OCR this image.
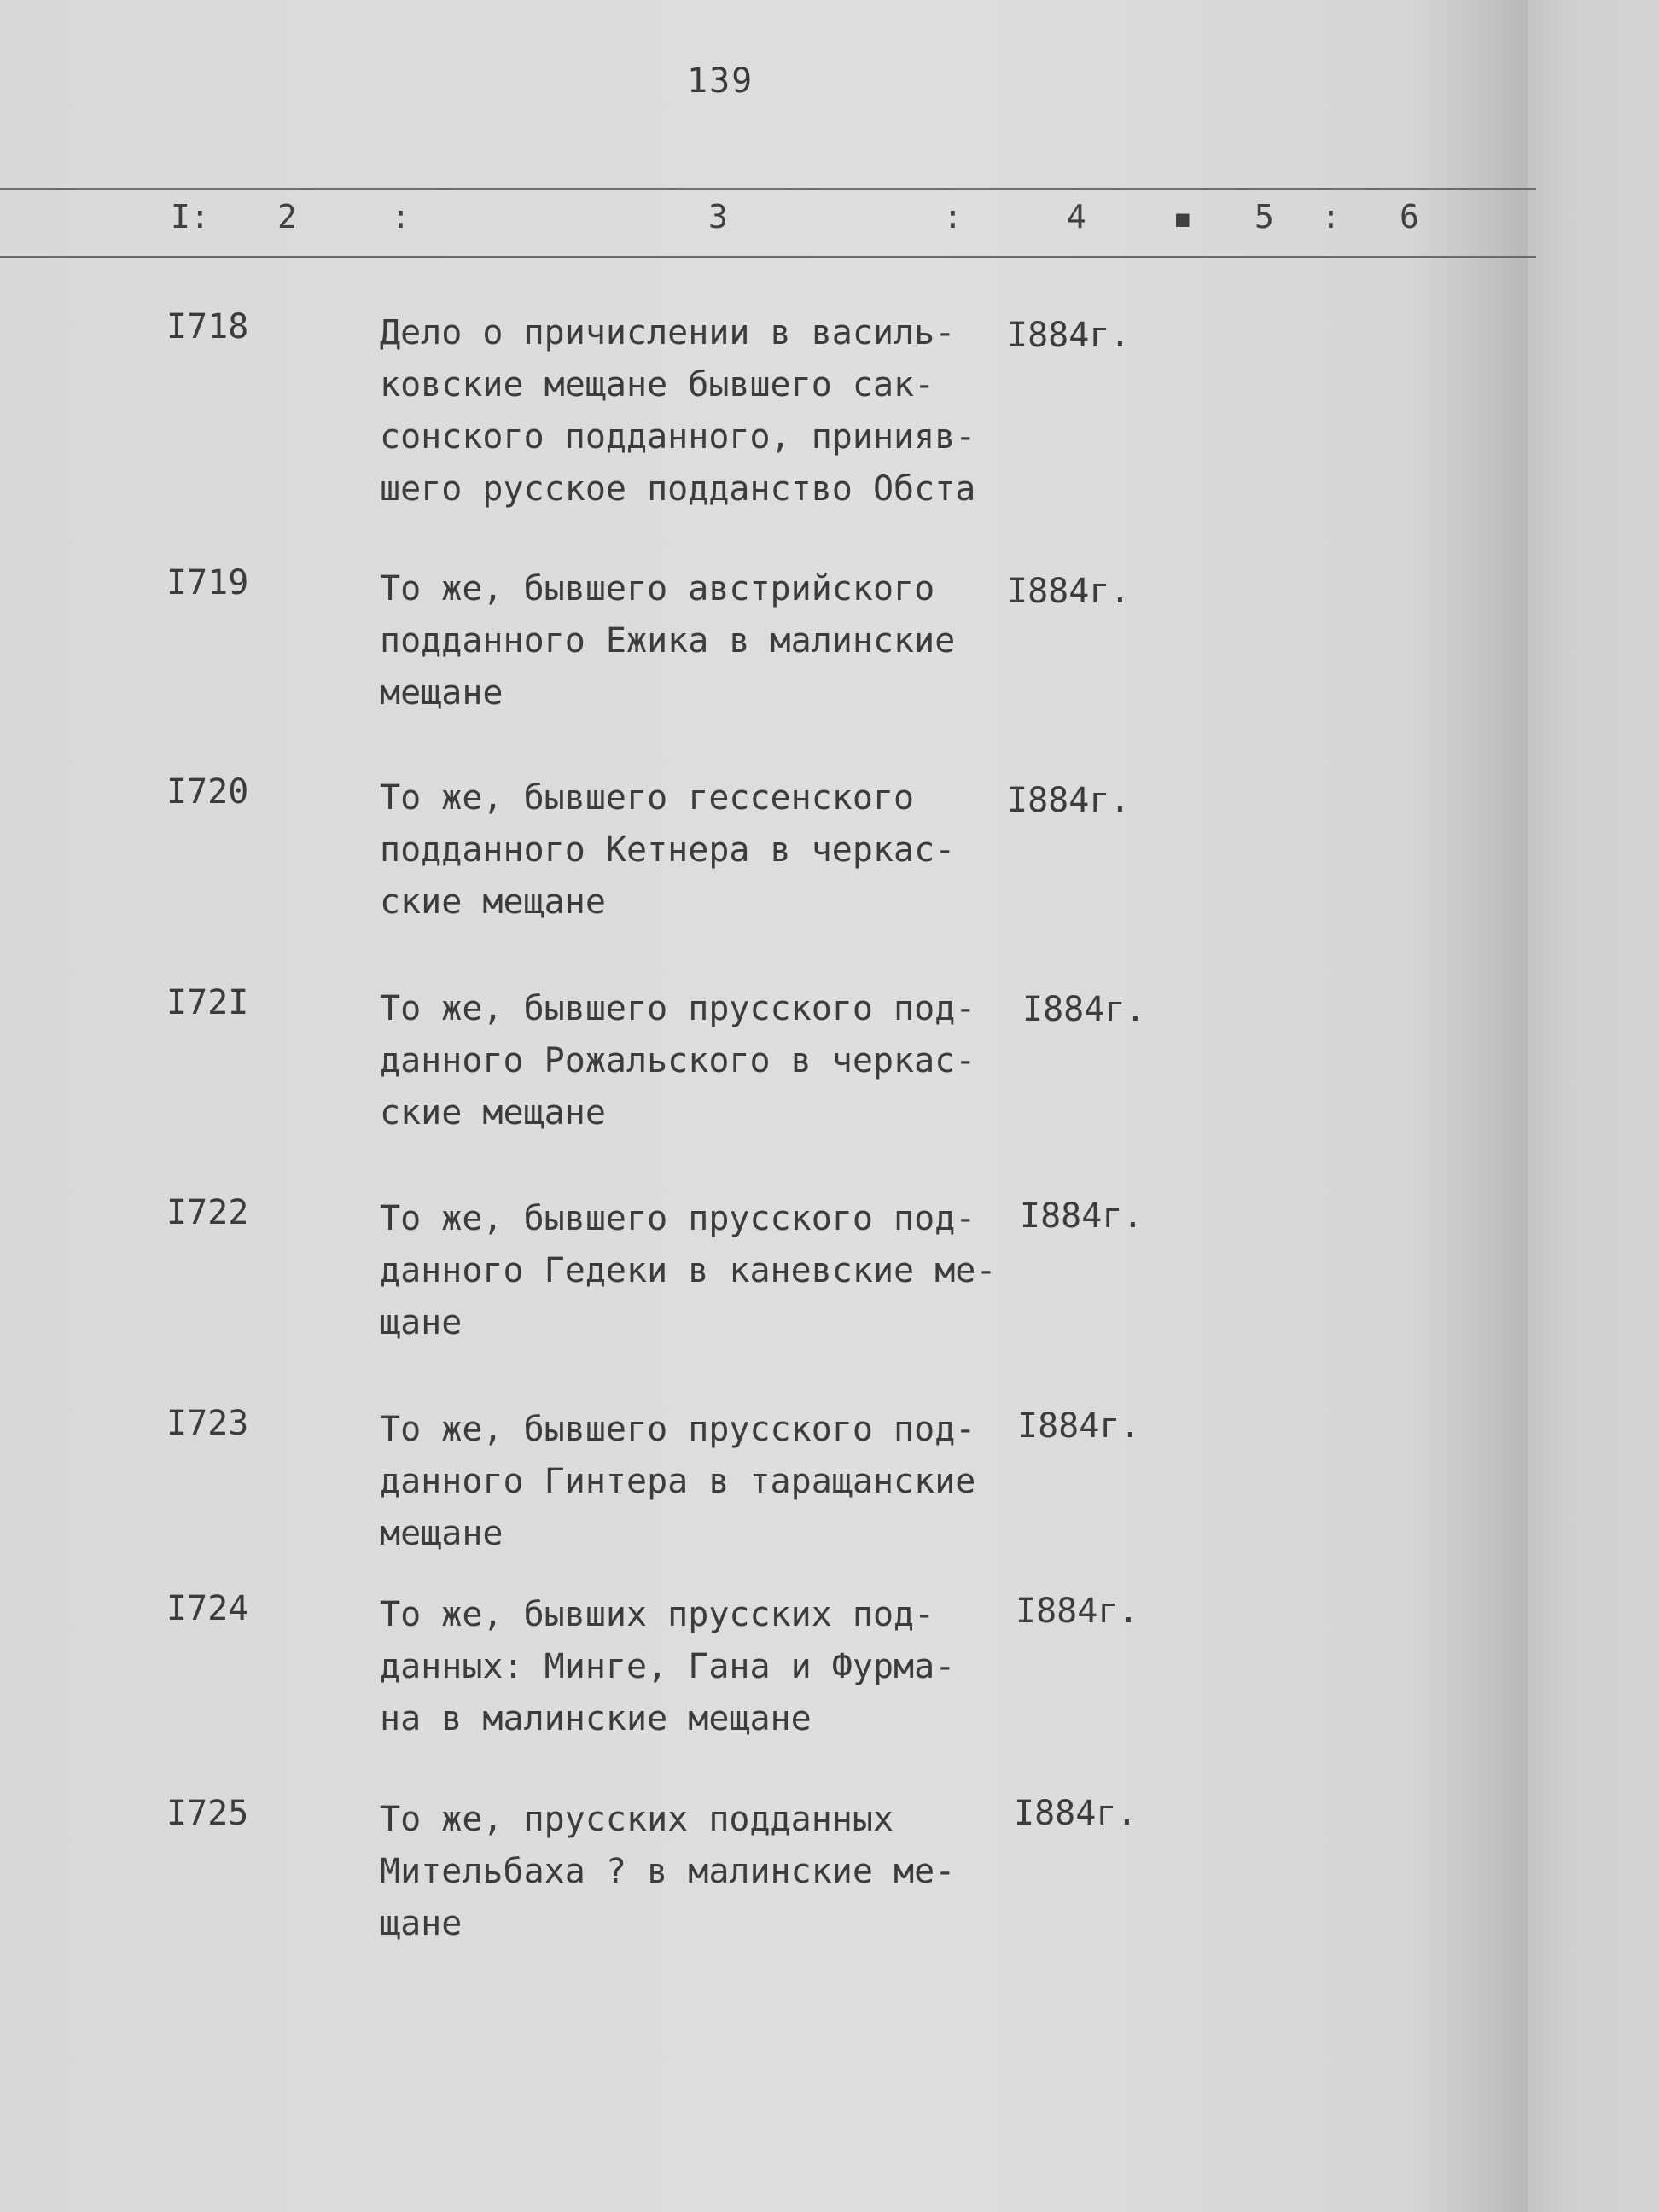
139
I: 2	:	3	:	4	■ 5 : 6
I718	Дело о причислении в василь-
ковские мещане бывшего сак-
сонского подданного, принияв-
шего русское подданство Обста
I884г.
I719	То же, бывшего австрийского
подданного Ежика в малинские
мещане
I884г.
I720	То же, бывшего гессенского
подданного Кетнера в черкас-
ские мещане
I884г.
I72I	То же, бывшего прусского под-
данного Рожальского в черкас-
ские мещане
I884г.
I722	То же, бывшего прусского под-
данного Гедеки в каневские ме-
щане
I884г.
I723	То же, бывшего прусского под-
данного Гинтера в таращанские
мещане
I884г.
I724	То же, бывших прусских под-
данных: Минге, Гана и Фурма-
на в малинские мещане
I884г.
I725	То же, прусских подданных
Мительбаха ? в малинские ме-
щане
I884г.
